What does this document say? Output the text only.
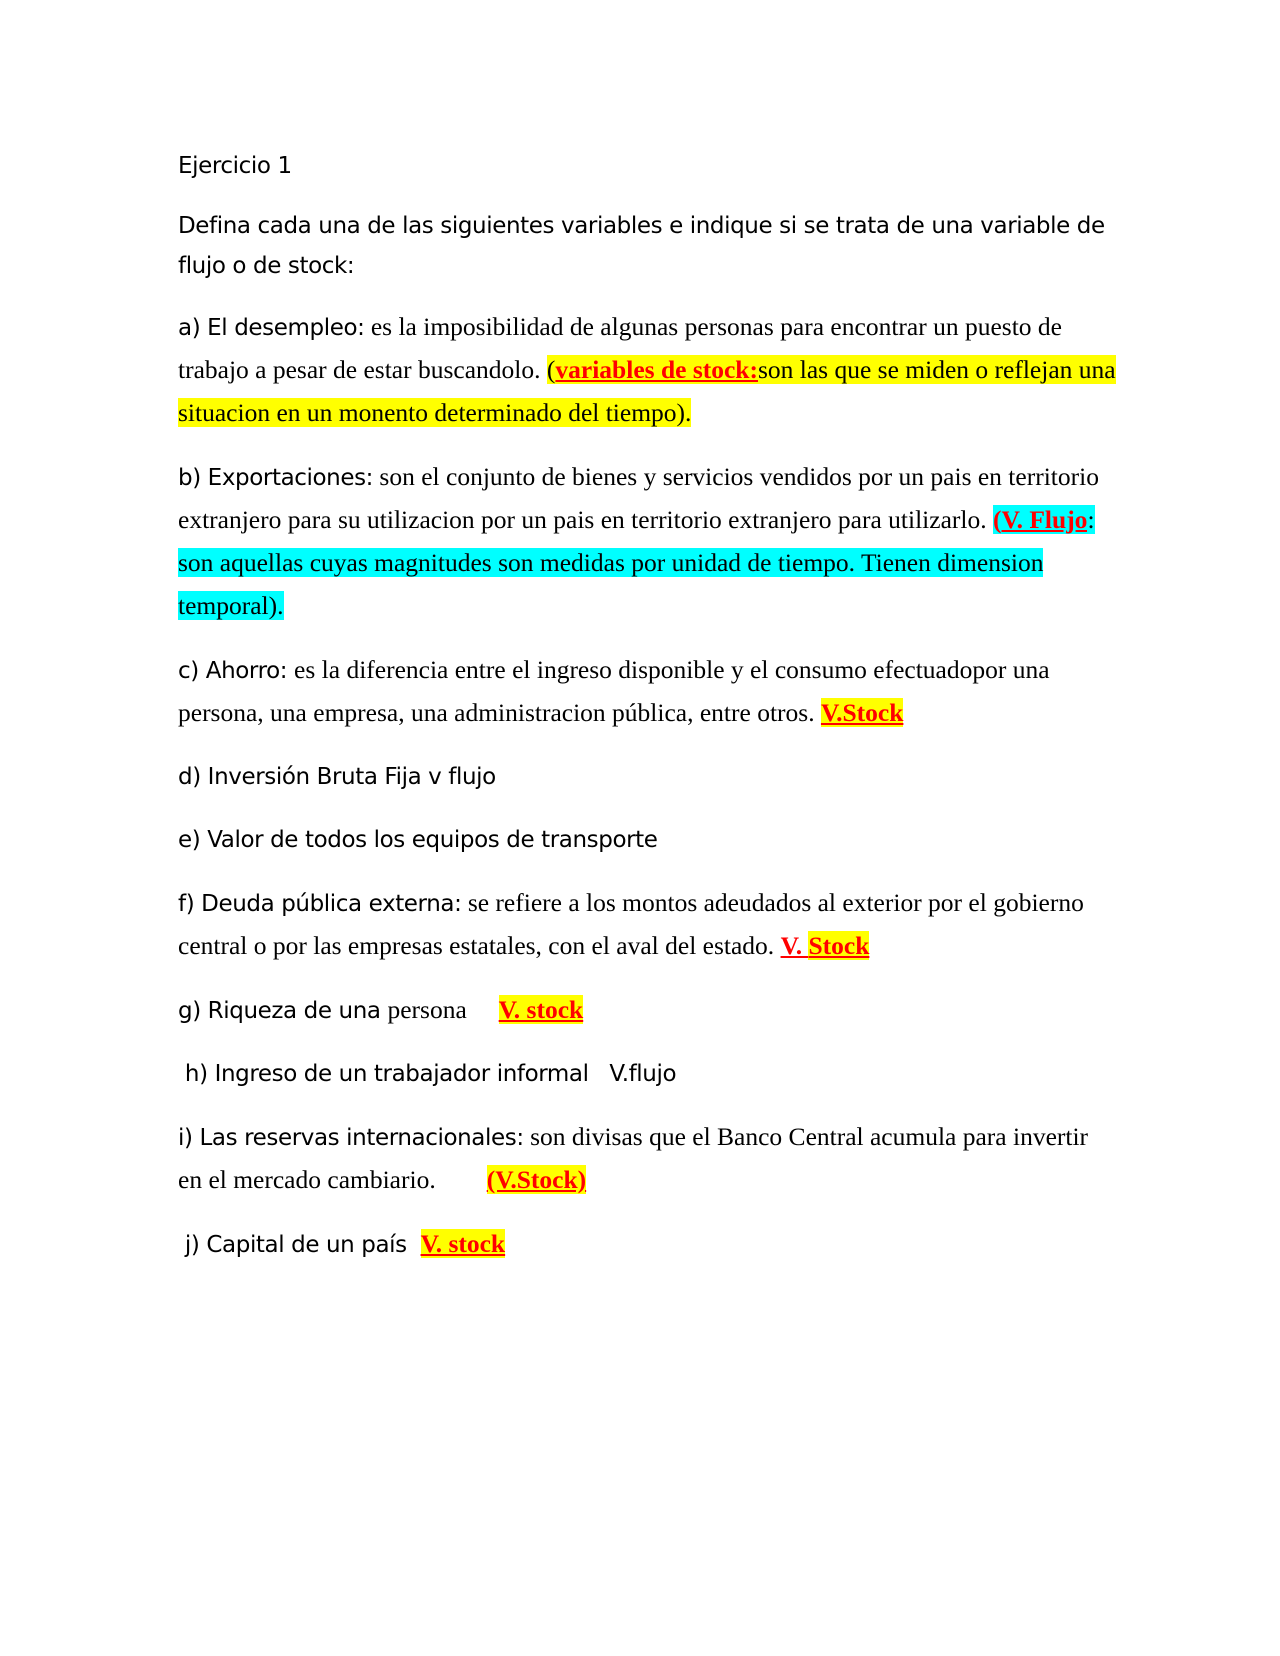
Ejercicio 1

Defina cada una de las siguientes variables e indique si se trata de una variable de flujo o de stock:

a) El desempleo: es la imposibilidad de algunas personas para encontrar un puesto de trabajo a pesar de estar buscandolo. (variables de stock:son las que se miden o reflejan una situacion en un monento determinado del tiempo).

b) Exportaciones: son el conjunto de bienes y servicios vendidos por un pais en territorio extranjero para su utilizacion por un pais en territorio extranjero para utilizarlo. (V. Flujo: son aquellas cuyas magnitudes son medidas por unidad de tiempo. Tienen dimension temporal).

c) Ahorro: es la diferencia entre el ingreso disponible y el consumo efectuadopor una persona, una empresa, una administracion pública, entre otros. V.Stock

d) Inversión Bruta Fija v flujo

e) Valor de todos los equipos de transporte

f) Deuda pública externa: se refiere a los montos adeudados al exterior por el gobierno central o por las empresas estatales, con el aval del estado. V. Stock

g) Riqueza de una persona     V. stock

h) Ingreso de un trabajador informal   V.flujo

i) Las reservas internacionales: son divisas que el Banco Central acumula para invertir en el mercado cambiario.        (V.Stock)

j) Capital de un país  V. stock
